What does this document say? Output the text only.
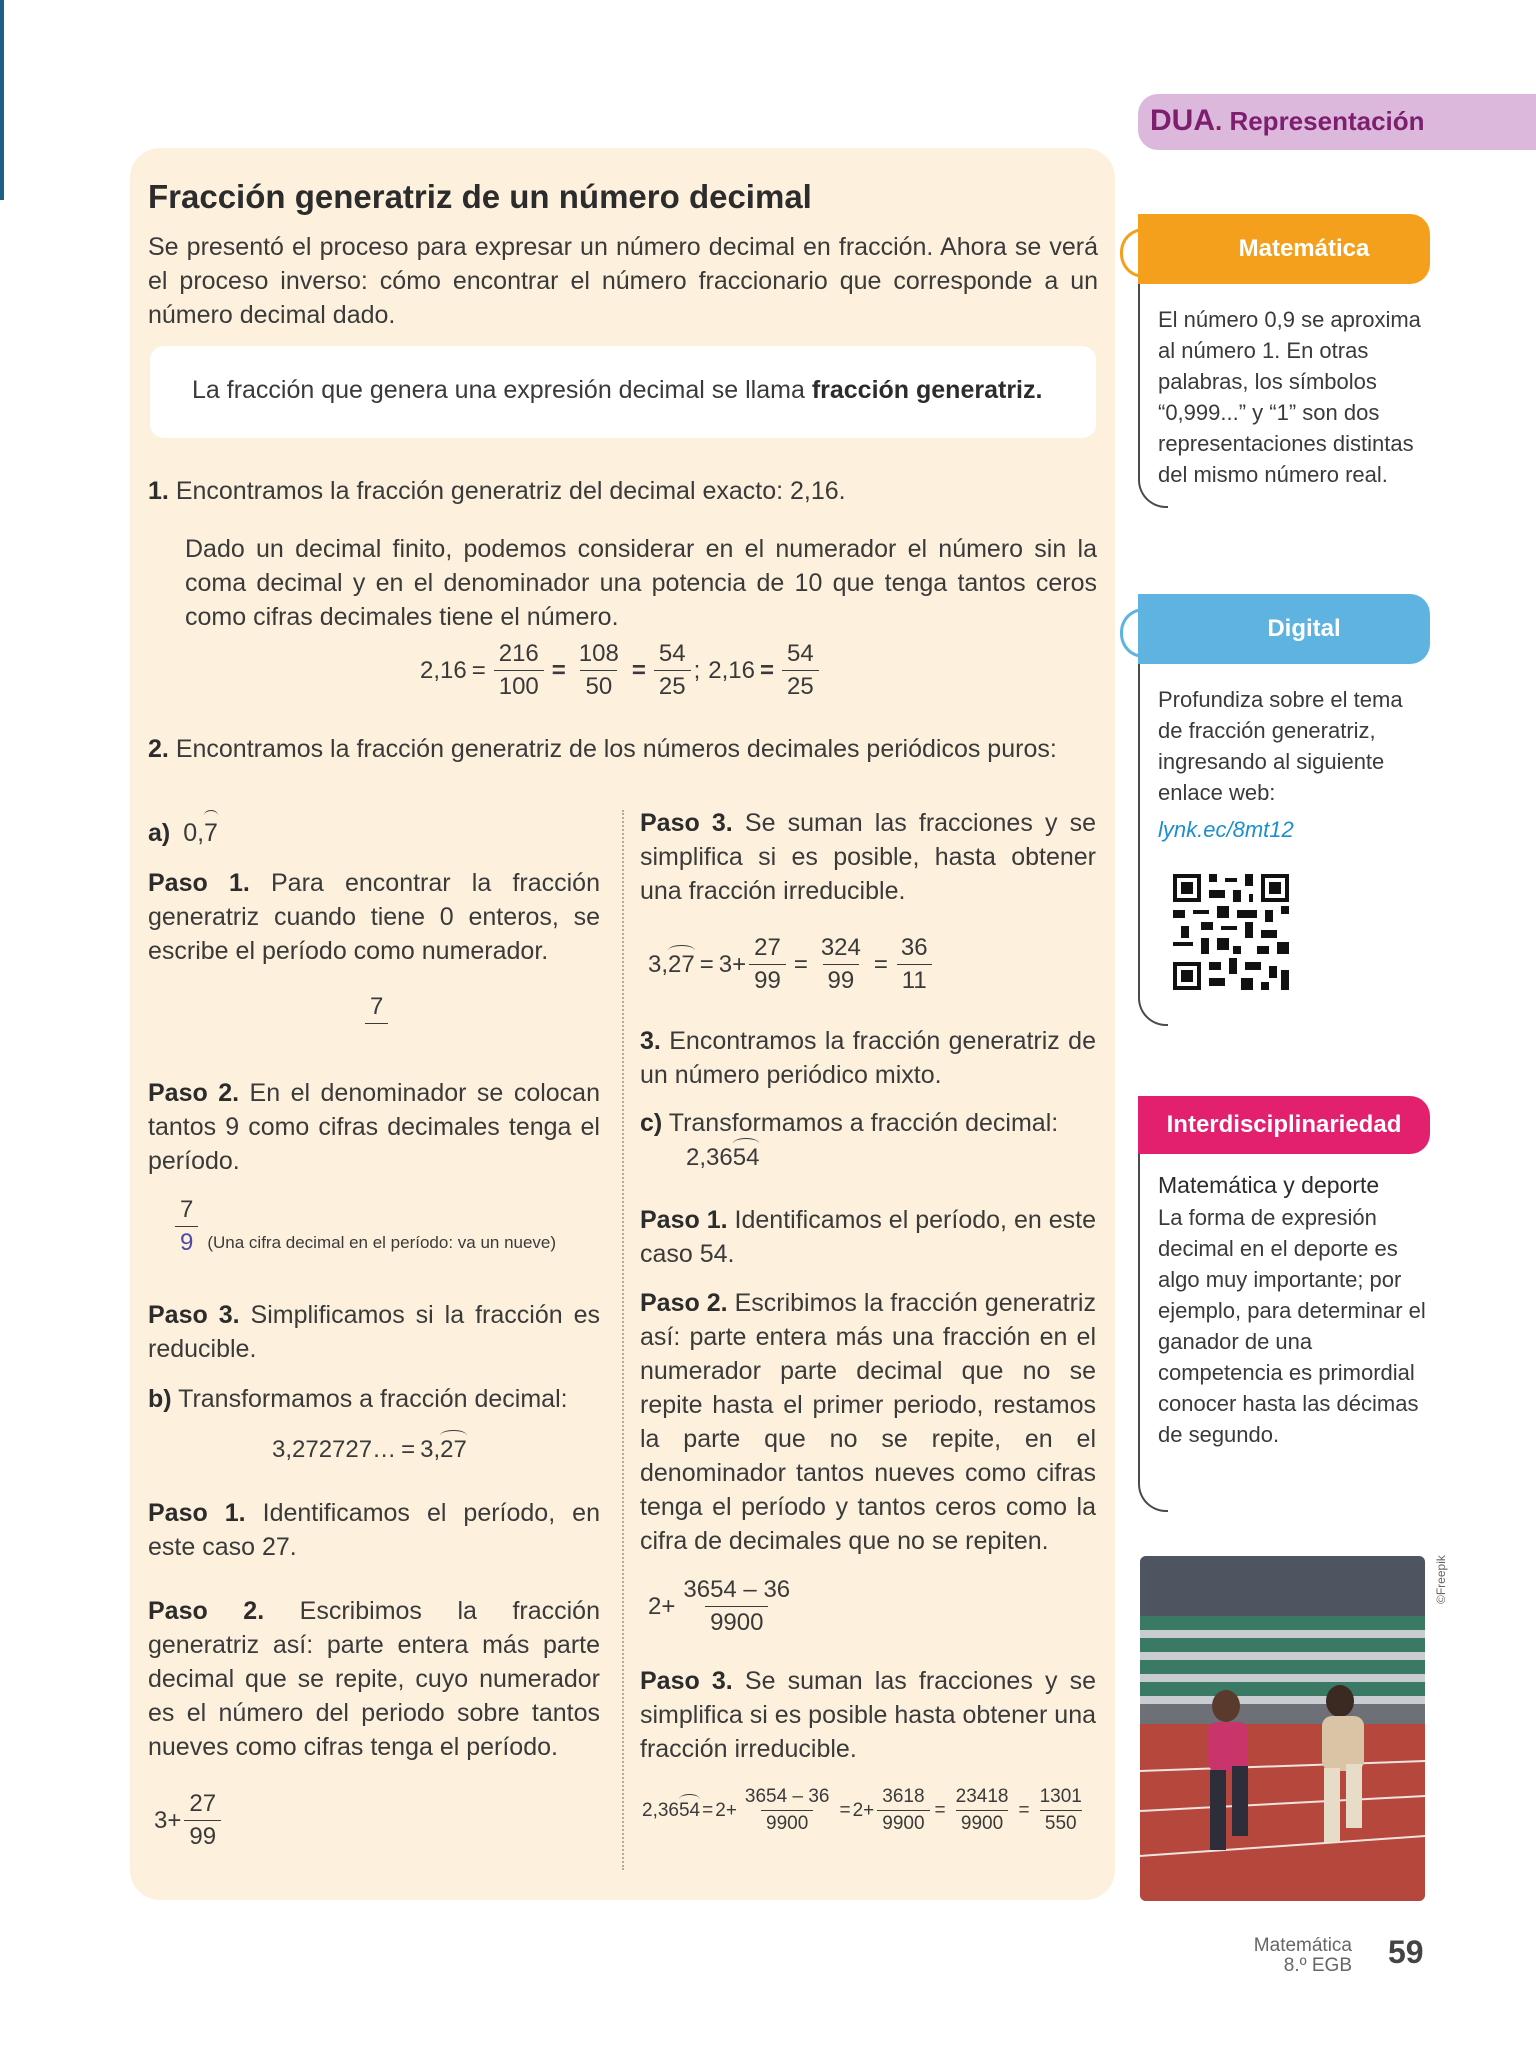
Fracción generatriz de un número decimal

Se presentó el proceso para expresar un número decimal en fracción. Ahora se verá el proceso inverso: cómo encontrar el número fraccionario que corresponde a un número decimal dado.

La fracción que genera una expresión decimal se llama fracción generatriz.

1. Encontramos la fracción generatriz del decimal exacto: 2,16.

Dado un decimal finito, podemos considerar en el numerador el número sin la coma decimal y en el denominador una potencia de 10 que tenga tantos ceros como cifras decimales tiene el número.

$2,16 = \frac{216}{100} = \frac{108}{50} = \frac{54}{25}$ ; $2,16 = \frac{54}{25}$

2. Encontramos la fracción generatriz de los números decimales periódicos puros:

a) 0,7

Paso 1. Para encontrar la fracción generatriz cuando tiene 0 enteros, se escribe el período como numerador.

7

Paso 2. En el denominador se colocan tantos 9 como cifras decimales tenga el período.

$\frac{7}{9} (Una$ cifra decimal en el período: va un nueve)

Paso 3. Simplificamos si la fracción es reducible.

b) Transformamos a fracción decimal:

3,272727… = 3, 27

Paso 1. Identificamos el período, en este caso 27.

Paso 2. Escribimos la fracción generatriz así: parte entera más parte decimal que se repite, cuyo numerador es el número del periodo sobre tantos nueves como cifras tenga el período.

$3 + \frac{27}{99}$

Paso 3. Se suman las fracciones y se simplifica si es posible, hasta obtener una fracción irreducible.

3, $27 = 3 + \frac{27}{99} = \frac{324}{99} = \frac{36}{11}$

3. Encontramos la fracción generatriz de un número periódico mixto.

c) Transformamos a fracción decimal:

2,36 54

Paso 1. Identificamos el período, en este caso 54.

Paso 2. Escribimos la fracción generatriz así: parte entera más una fracción en el numerador parte decimal que no se repite hasta el primer periodo, restamos la parte que no se repite, en el denominador tantos nueves como cifras tenga el período y tantos ceros como la cifra de decimales que no se repiten.

$2 + \frac{3654 - 36}{9900}$

Paso 3. Se suman las fracciones y se simplifica si es posible hasta obtener una fracción irreducible.

2,36 $54 = 2 + \frac{3654 - 36}{9900} = 2 + \frac{3618}{9900} = \frac{23418}{9900} = \frac{1301}{550}$

DUA. Representación

Matemática

El número 0,9 se aproxima al número 1. En otras palabras, los símbolos “0,999...” y “1” son dos representaciones distintas del mismo número real.

Digital

Profundiza sobre el tema de fracción generatriz, ingresando al siguiente enlace web:

lynk.ec/8mt12

Interdisciplinariedad

Matemática y deporte

La forma de expresión decimal en el deporte es algo muy importante; por ejemplo, para determinar el ganador de una competencia es primordial conocer hasta las décimas de segundo.

©Freepik

Matemática

8.º EGB 59
